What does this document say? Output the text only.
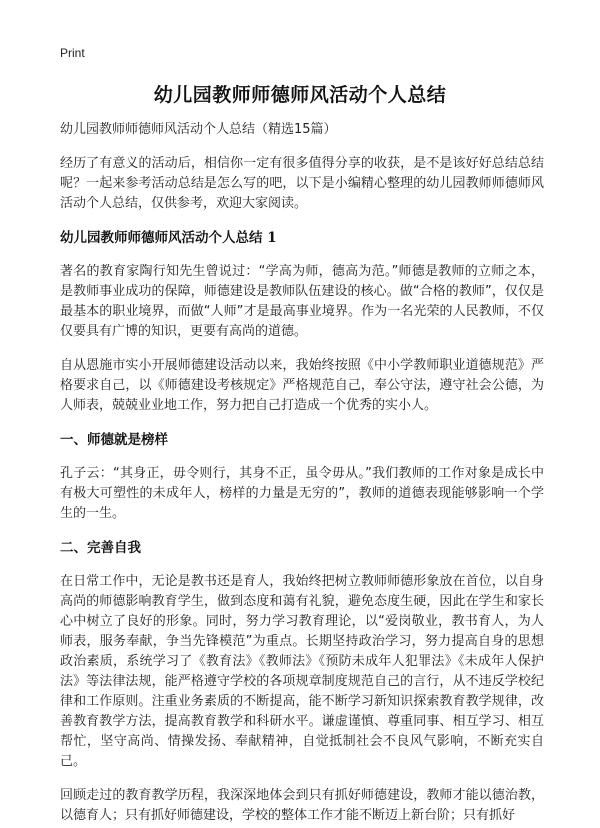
Print
幼儿园教师师德师风活动个人总结

幼儿园教师师德师风活动个人总结（精选15篇）

经历了有意义的活动后，相信你一定有很多值得分享的收获，是不是该好好总结总结呢？一起来参考活动总结是怎么写的吧，以下是小编精心整理的幼儿园教师师德师风活动个人总结，仅供参考，欢迎大家阅读。

幼儿园教师师德师风活动个人总结 1

著名的教育家陶行知先生曾说过：“学高为师，德高为范。”师德是教师的立师之本，是教师事业成功的保障，师德建设是教师队伍建设的核心。做“合格的教师”，仅仅是最基本的职业境界，而做“人师”才是最高事业境界。作为一名光荣的人民教师，不仅仅要具有广博的知识，更要有高尚的道德。

自从恩施市实小开展师德建设活动以来，我始终按照《中小学教师职业道德规范》严格要求自己，以《师德建设考核规定》严格规范自己，奉公守法，遵守社会公德，为人师表，兢兢业业地工作，努力把自己打造成一个优秀的实小人。

一、师德就是榜样

孔子云：“其身正，毋令则行，其身不正，虽令毋从。”我们教师的工作对象是成长中有极大可塑性的未成年人，榜样的力量是无穷的”，教师的道德表现能够影响一个学生的一生。

二、完善自我

在日常工作中，无论是教书还是育人，我始终把树立教师师德形象放在首位，以自身高尚的师德影响教育学生，做到态度和蔼有礼貌，避免态度生硬，因此在学生和家长心中树立了良好的形象。同时，努力学习教育理论，以“爱岗敬业，教书育人，为人师表，服务奉献，争当先锋模范”为重点。长期坚持政治学习，努力提高自身的思想政治素质，系统学习了《教育法》《教师法》《预防未成年人犯罪法》《未成年人保护法》等法律法规，能严格遵守学校的各项规章制度规范自己的言行，从不违反学校纪律和工作原则。注重业务素质的不断提高，能不断学习新知识探索教育教学规律，改善教育教学方法，提高教育教学和科研水平。谦虚谨慎、尊重同事、相互学习、相互帮忙，坚守高尚、情操发扬、奉献精神，自觉抵制社会不良风气影响，不断充实自己。

回顾走过的教育教学历程，我深深地体会到只有抓好师德建设，教师才能以德治教，以德育人；只有抓好师德建设，学校的整体工作才能不断迈上新台阶；只有抓好
